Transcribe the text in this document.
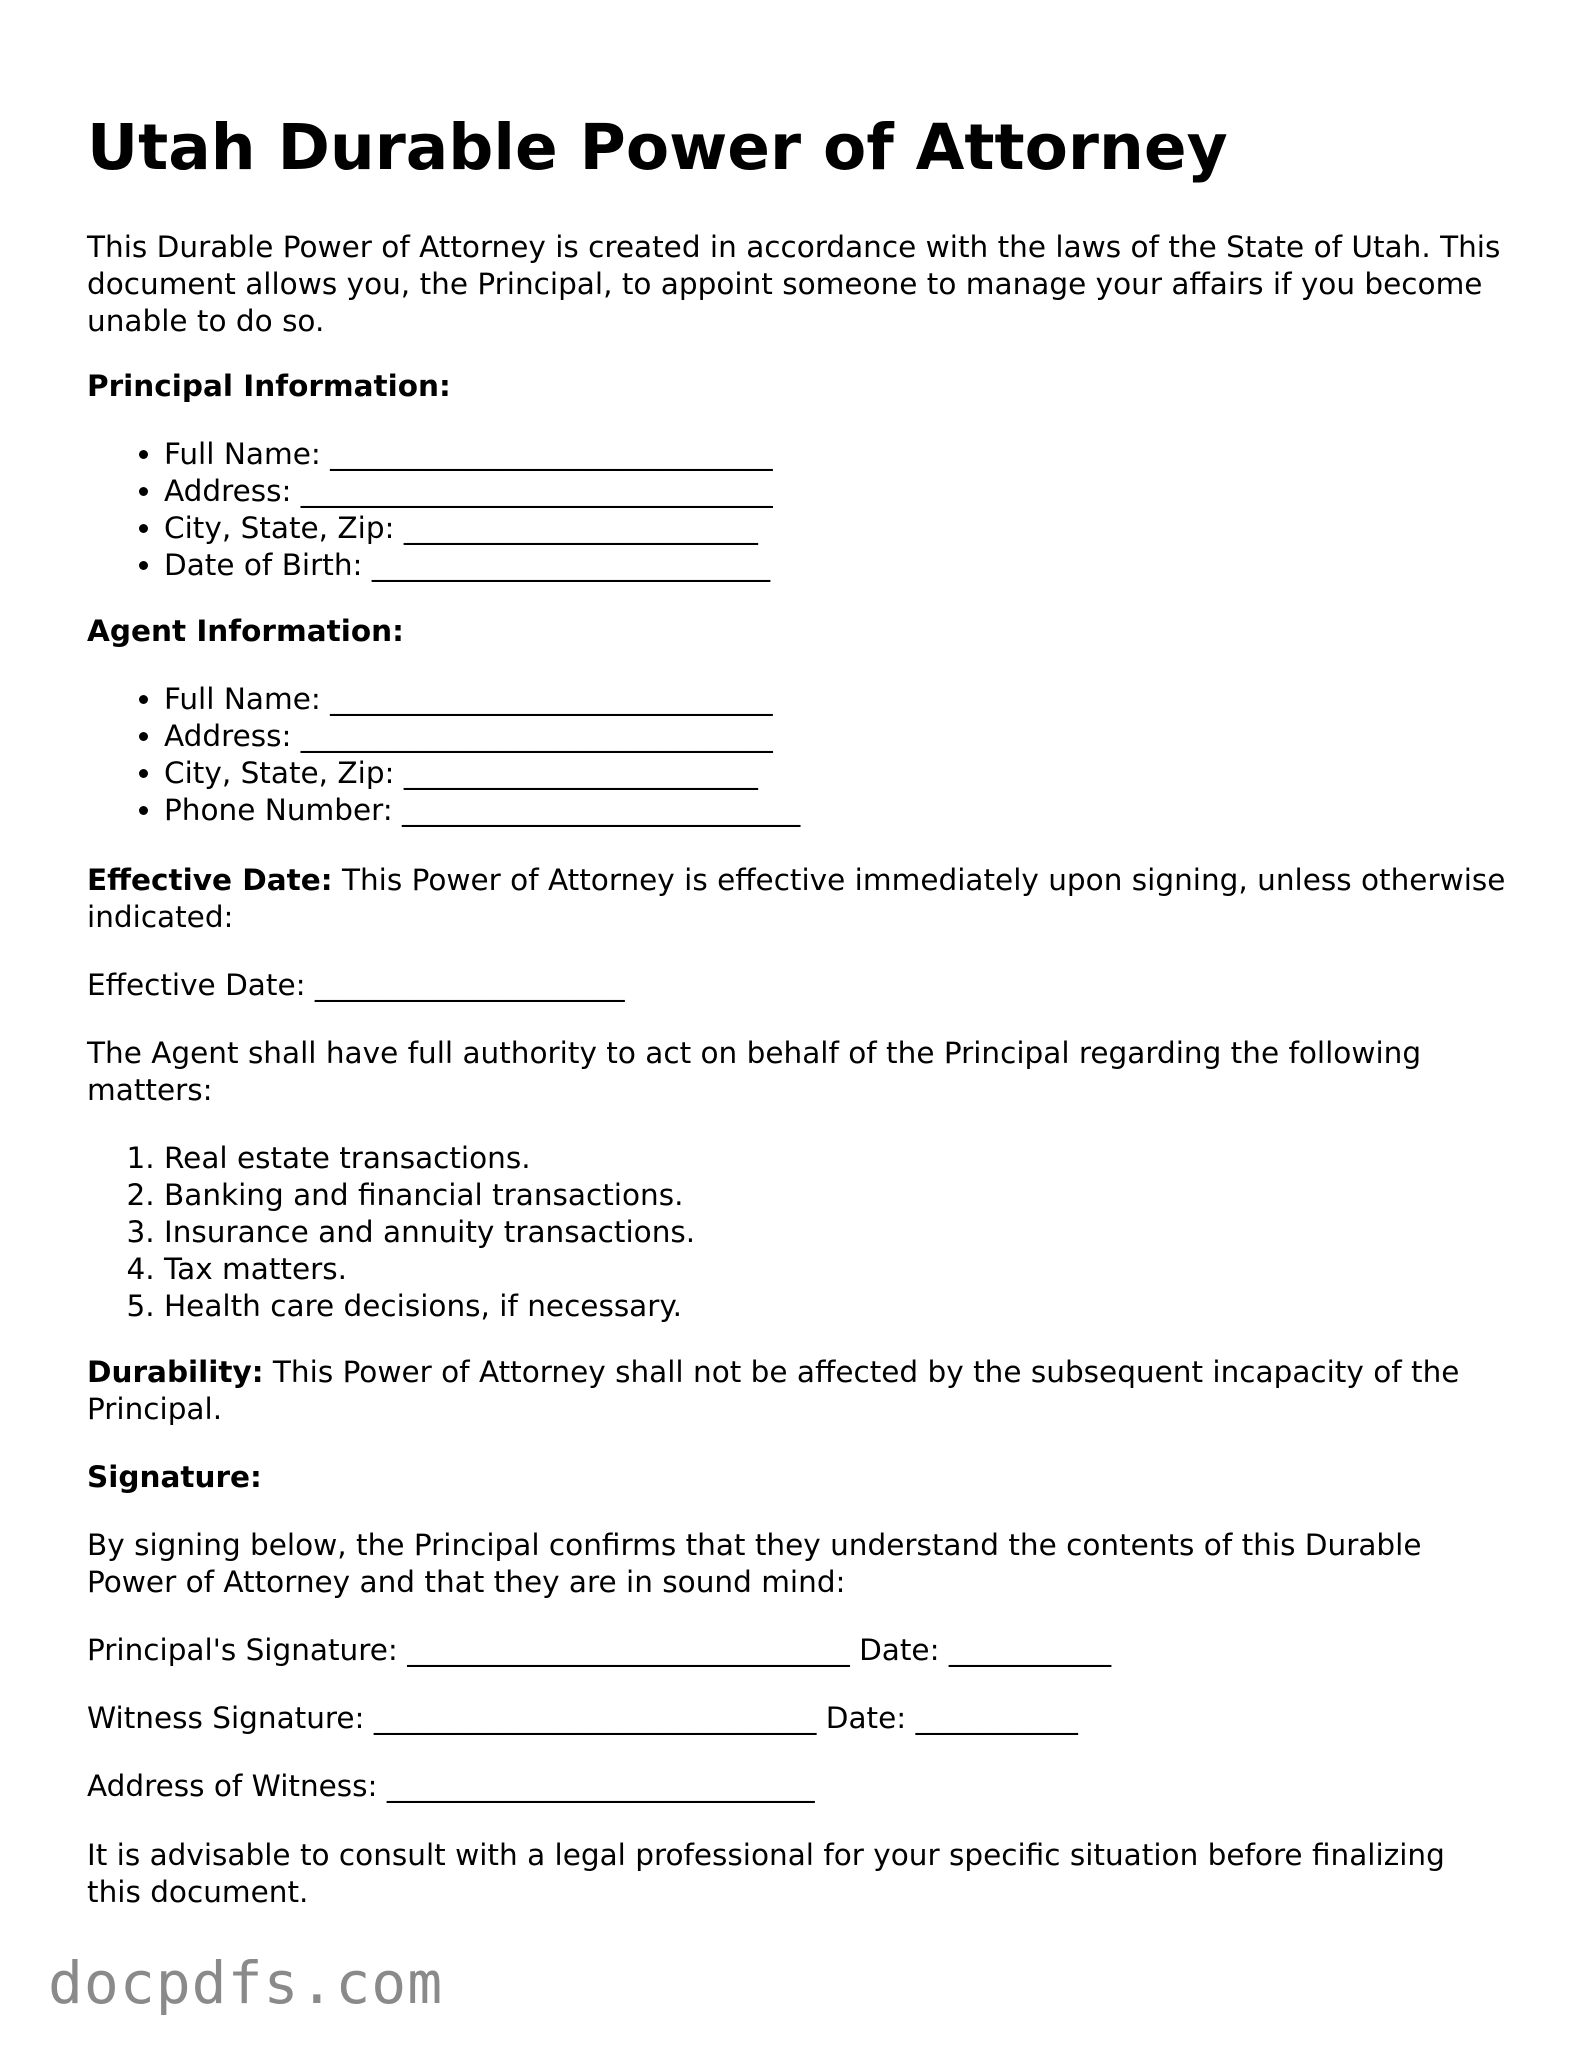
Utah Durable Power of Attorney

This Durable Power of Attorney is created in accordance with the laws of the State of Utah. This document allows you, the Principal, to appoint someone to manage your affairs if you become unable to do so.

Principal Information:

• Full Name: ______________________________
• Address: ________________________________
• City, State, Zip: ________________________
• Date of Birth: ___________________________

Agent Information:

• Full Name: ______________________________
• Address: ________________________________
• City, State, Zip: ________________________
• Phone Number: ___________________________

Effective Date: This Power of Attorney is effective immediately upon signing, unless otherwise indicated:

Effective Date: _____________________

The Agent shall have full authority to act on behalf of the Principal regarding the following matters:

1. Real estate transactions.
2. Banking and financial transactions.
3. Insurance and annuity transactions.
4. Tax matters.
5. Health care decisions, if necessary.

Durability: This Power of Attorney shall not be affected by the subsequent incapacity of the Principal.

Signature:

By signing below, the Principal confirms that they understand the contents of this Durable Power of Attorney and that they are in sound mind:

Principal's Signature: ______________________________ Date: ___________

Witness Signature: ______________________________ Date: ___________

Address of Witness: _____________________________

It is advisable to consult with a legal professional for your specific situation before finalizing this document.

docpdfs.com
